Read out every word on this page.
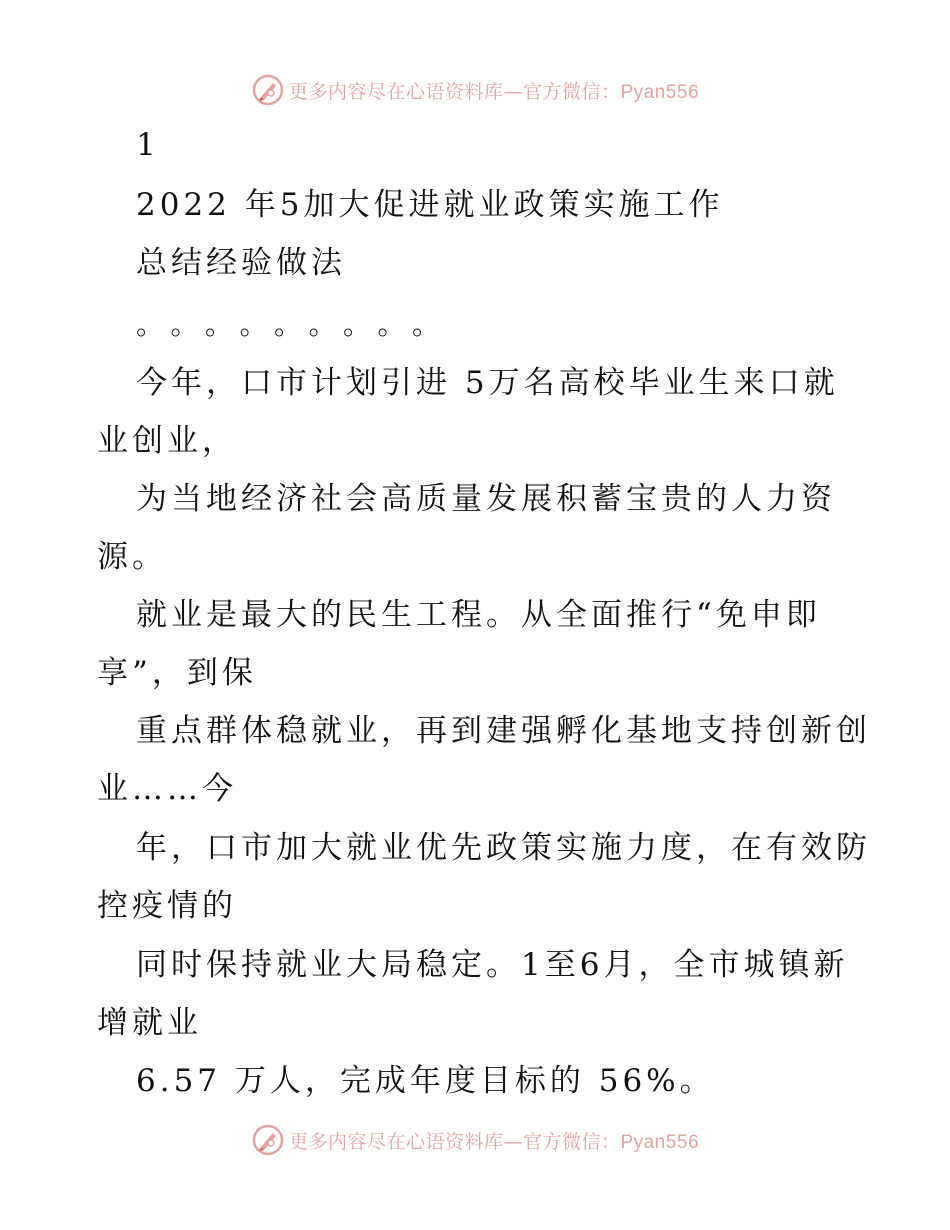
更多内容尽在心语资料库—官方微信：Pyan556
1
2022 年5加大促进就业政策实施工作
总结经验做法
。 。 。 。 。 。 。 。 。
今年，口市计划引进 5万名高校毕业生来口就
业创业，
为当地经济社会高质量发展积蓄宝贵的人力资
源。
就业是最大的民生工程。从全面推行“免申即
享”，到保
重点群体稳就业，再到建强孵化基地支持创新创
业……今
年，口市加大就业优先政策实施力度，在有效防
控疫情的
同时保持就业大局稳定。1至6月，全市城镇新
增就业
6.57 万人，完成年度目标的 56%。
更多内容尽在心语资料库—官方微信：Pyan556
